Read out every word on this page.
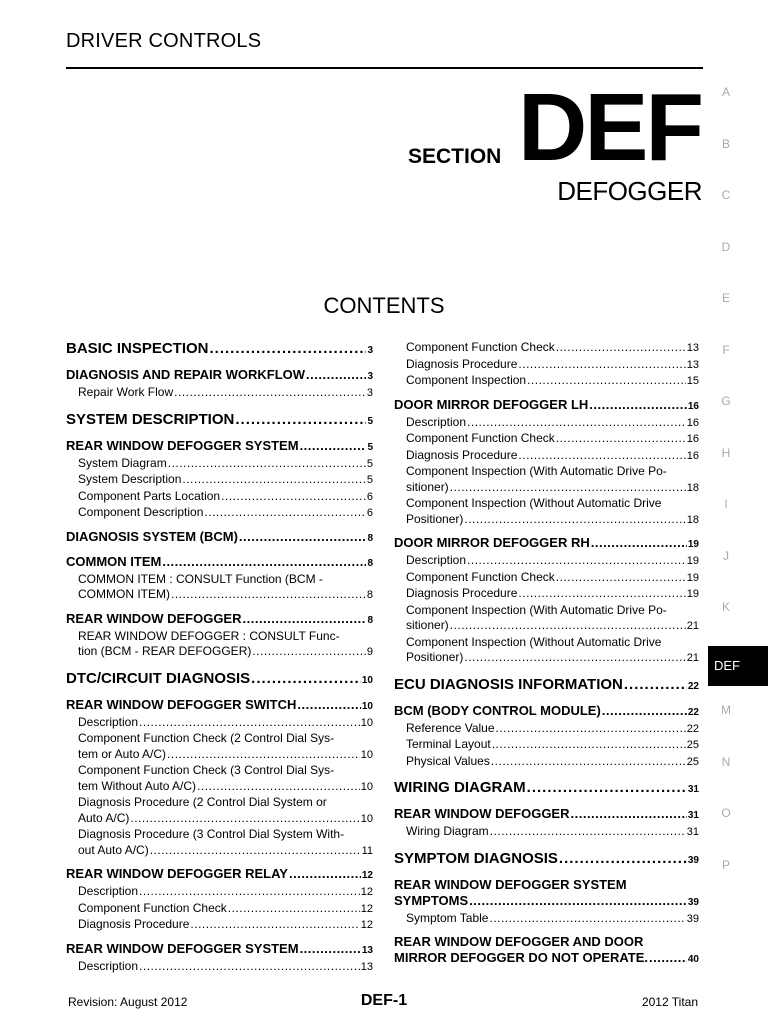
DRIVER CONTROLS
SECTION DEF
DEFOGGER
CONTENTS
A
B
C
D
E
F
G
H
I
J
K
DEF
M
N
O
P
BASIC INSPECTION .....	3
DIAGNOSIS AND REPAIR WORKFLOW .....	3
Repair Work Flow .....	3
SYSTEM DESCRIPTION .....	5
REAR WINDOW DEFOGGER SYSTEM .....	5
System Diagram .....	5
System Description .....	5
Component Parts Location .....	6
Component Description .....	6
DIAGNOSIS SYSTEM (BCM) .....	8
COMMON ITEM .....	8
COMMON ITEM : CONSULT Function (BCM -
COMMON ITEM) .....	8
REAR WINDOW DEFOGGER .....	8
REAR WINDOW DEFOGGER : CONSULT Func-
tion (BCM - REAR DEFOGGER) .....	9
DTC/CIRCUIT DIAGNOSIS .....	10
REAR WINDOW DEFOGGER SWITCH .....	10
Description .....	10
Component Function Check (2 Control Dial Sys-
tem or Auto A/C) .....	10
Component Function Check (3 Control Dial Sys-
tem Without Auto A/C) .....	10
Diagnosis Procedure (2 Control Dial System or
Auto A/C) .....	10
Diagnosis Procedure (3 Control Dial System With-
out Auto A/C) .....	11
REAR WINDOW DEFOGGER RELAY .....	12
Description .....	12
Component Function Check .....	12
Diagnosis Procedure .....	12
REAR WINDOW DEFOGGER SYSTEM .....	13
Description .....	13
Component Function Check .....	13
Diagnosis Procedure .....	13
Component Inspection .....	15
DOOR MIRROR DEFOGGER LH .....	16
Description .....	16
Component Function Check .....	16
Diagnosis Procedure .....	16
Component Inspection (With Automatic Drive Po-
sitioner) .....	18
Component Inspection (Without Automatic Drive
Positioner) .....	18
DOOR MIRROR DEFOGGER RH .....	19
Description .....	19
Component Function Check .....	19
Diagnosis Procedure .....	19
Component Inspection (With Automatic Drive Po-
sitioner) .....	21
Component Inspection (Without Automatic Drive
Positioner) .....	21
ECU DIAGNOSIS INFORMATION .....	22
BCM (BODY CONTROL MODULE) .....	22
Reference Value .....	22
Terminal Layout .....	25
Physical Values .....	25
WIRING DIAGRAM .....	31
REAR WINDOW DEFOGGER .....	31
Wiring Diagram .....	31
SYMPTOM DIAGNOSIS .....	39
REAR WINDOW DEFOGGER SYSTEM
SYMPTOMS .....	39
Symptom Table .....	39
REAR WINDOW DEFOGGER AND DOOR
MIRROR DEFOGGER DO NOT OPERATE. .....	40
Revision: August 2012	DEF-1	2012 Titan
